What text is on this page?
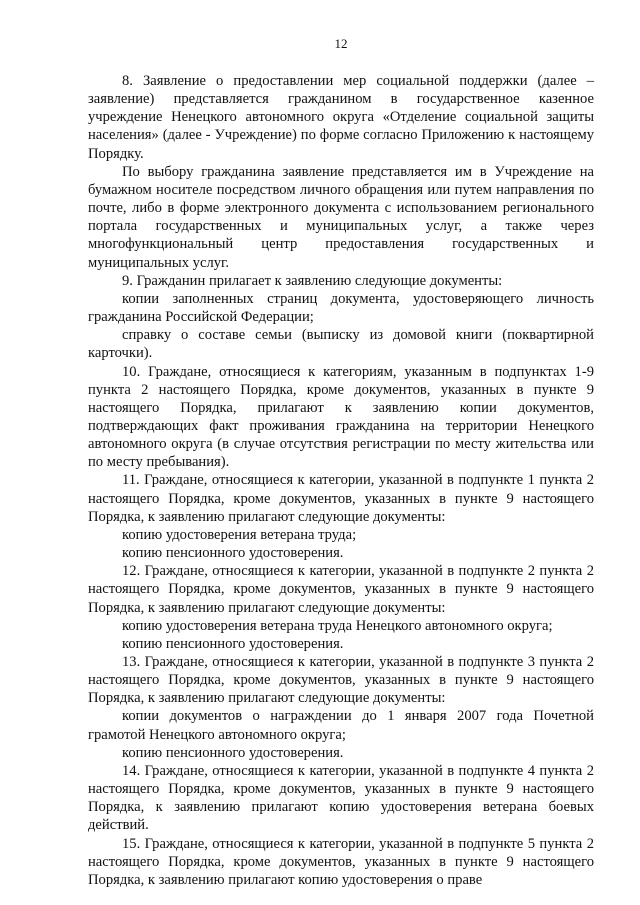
12

8. Заявление о предоставлении мер социальной поддержки (далее – заявление) представляется гражданином в государственное казенное учреждение Ненецкого автономного округа «Отделение социальной защиты населения» (далее - Учреждение) по форме согласно Приложению к настоящему Порядку.

По выбору гражданина заявление представляется им в Учреждение на бумажном носителе посредством личного обращения или путем направления по почте, либо в форме электронного документа с использованием регионального портала государственных и муниципальных услуг, а также через многофункциональный центр предоставления государственных и муниципальных услуг.

9. Гражданин прилагает к заявлению следующие документы:

копии заполненных страниц документа, удостоверяющего личность гражданина Российской Федерации;

справку о составе семьи (выписку из домовой книги (поквартирной карточки).

10. Граждане, относящиеся к категориям, указанным в подпунктах 1-9 пункта 2 настоящего Порядка, кроме документов, указанных в пункте 9 настоящего Порядка, прилагают к заявлению копии документов, подтверждающих факт проживания гражданина на территории Ненецкого автономного округа (в случае отсутствия регистрации по месту жительства или по месту пребывания).

11. Граждане, относящиеся к категории, указанной в подпункте 1 пункта 2 настоящего Порядка, кроме документов, указанных в пункте 9 настоящего Порядка, к заявлению прилагают следующие документы:

копию удостоверения ветерана труда;

копию пенсионного удостоверения.

12. Граждане, относящиеся к категории, указанной в подпункте 2 пункта 2 настоящего Порядка, кроме документов, указанных в пункте 9 настоящего Порядка, к заявлению прилагают следующие документы:

копию удостоверения ветерана труда Ненецкого автономного округа;

копию пенсионного удостоверения.

13. Граждане, относящиеся к категории, указанной в подпункте 3 пункта 2 настоящего Порядка, кроме документов, указанных в пункте 9 настоящего Порядка, к заявлению прилагают следующие документы:

копии документов о награждении до 1 января 2007 года Почетной грамотой Ненецкого автономного округа;

копию пенсионного удостоверения.

14. Граждане, относящиеся к категории, указанной в подпункте 4 пункта 2 настоящего Порядка, кроме документов, указанных в пункте 9 настоящего Порядка, к заявлению прилагают копию удостоверения ветерана боевых действий.

15. Граждане, относящиеся к категории, указанной в подпункте 5 пункта 2 настоящего Порядка, кроме документов, указанных в пункте 9 настоящего Порядка, к заявлению прилагают копию удостоверения о праве
